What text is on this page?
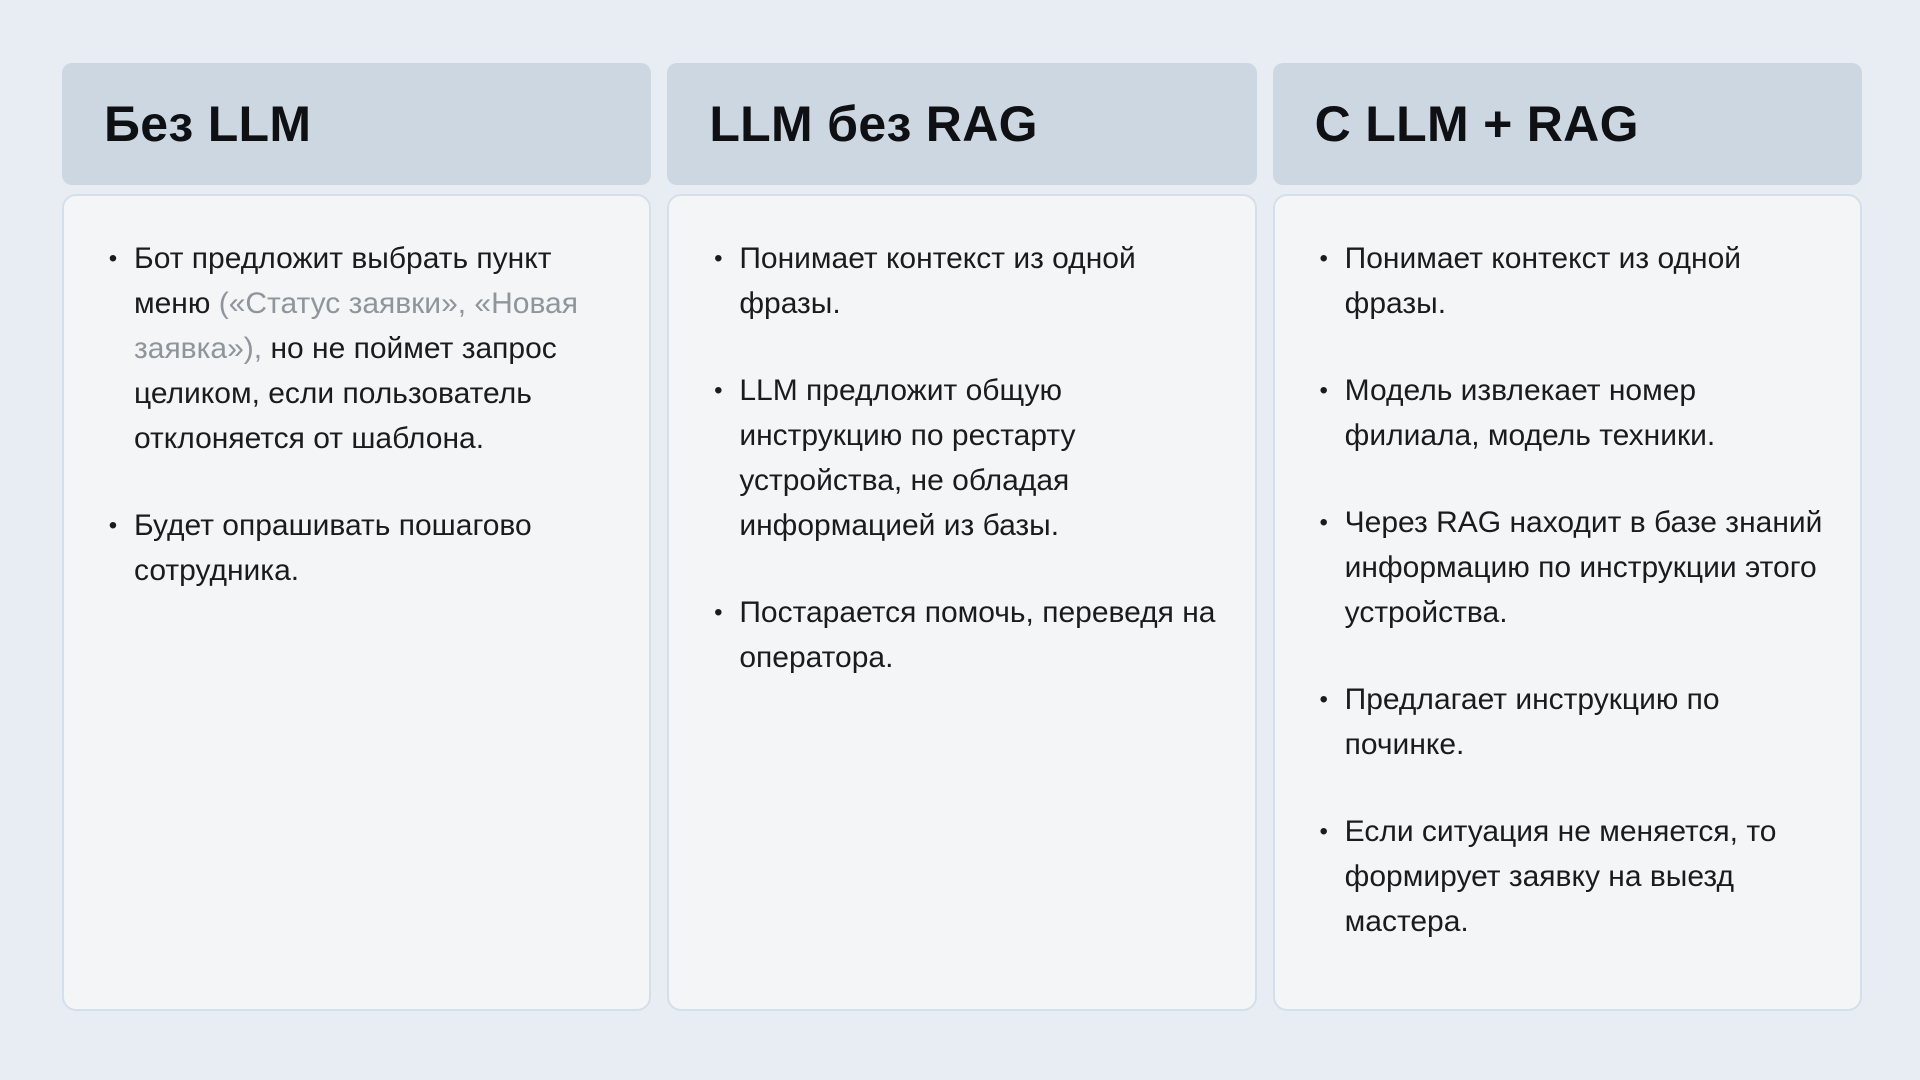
Без LLM
• Бот предложит выбрать пункт меню («Статус заявки», «Новая заявка»), но не поймет запрос целиком, если пользователь отклоняется от шаблона.
• Будет опрашивать пошагово сотрудника.
LLM без RAG
• Понимает контекст из одной фразы.
• LLM предложит общую инструкцию по рестарту устройства, не обладая информацией из базы.
• Постарается помочь, переведя на оператора.
С LLM + RAG
• Понимает контекст из одной фразы.
• Модель извлекает номер филиала, модель техники.
• Через RAG находит в базе знаний информацию по инструкции этого устройства.
• Предлагает инструкцию по починке.
• Если ситуация не меняется, то формирует заявку на выезд мастера.
